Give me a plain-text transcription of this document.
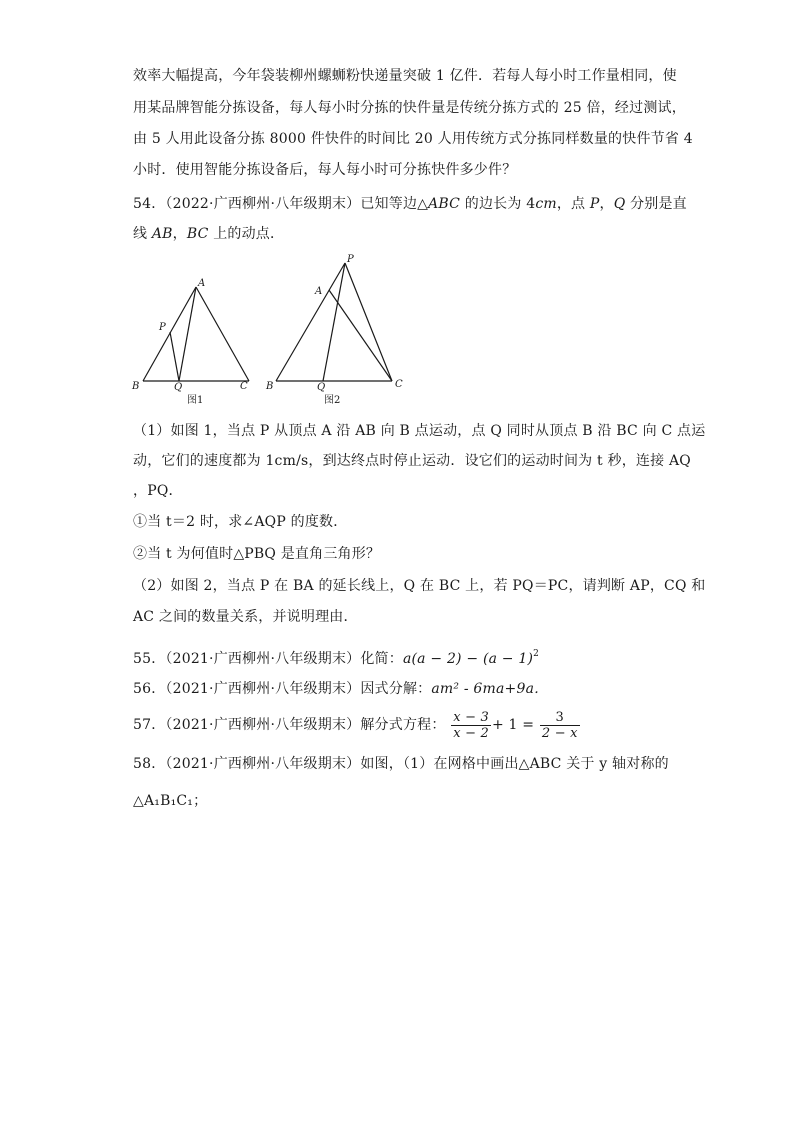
效率大幅提高，今年袋装柳州螺蛳粉快递量突破 1 亿件．若每人每小时工作量相同，使
用某品牌智能分拣设备，每人每小时分拣的快件量是传统分拣方式的 25 倍，经过测试，
由 5 人用此设备分拣 8000 件快件的时间比 20 人用传统方式分拣同样数量的快件节省 4
小时．使用智能分拣设备后，每人每小时可分拣快件多少件？
54．（2022·广西柳州·八年级期末）已知等边△ABC 的边长为 4cm，点 P，Q 分别是直
线 AB，BC 上的动点．
A
P
B	Q	C
图1
P
A
B	Q	C
图2
（1）如图 1，当点 P 从顶点 A 沿 AB 向 B 点运动，点 Q 同时从顶点 B 沿 BC 向 C 点运
动，它们的速度都为 1cm/s，到达终点时停止运动．设它们的运动时间为 t 秒，连接 AQ
，PQ．
①当 t＝2 时，求∠AQP 的度数．
②当 t 为何值时△PBQ 是直角三角形？
（2）如图 2，当点 P 在 BA 的延长线上，Q 在 BC 上，若 PQ＝PC，请判断 AP，CQ 和
AC 之间的数量关系，并说明理由．
55．（2021·广西柳州·八年级期末）化简：$a(a - 2) - (a - 1)^2$
56．（2021·广西柳州·八年级期末）因式分解：am² - 6ma+9a．
57．（2021·广西柳州·八年级期末）解分式方程： $\frac{x - 3}{x - 2} + 1 = \frac{3}{2 - x}$
58．（2021·广西柳州·八年级期末）如图，（1）在网格中画出△ABC 关于 y 轴对称的
△A₁B₁C₁；
